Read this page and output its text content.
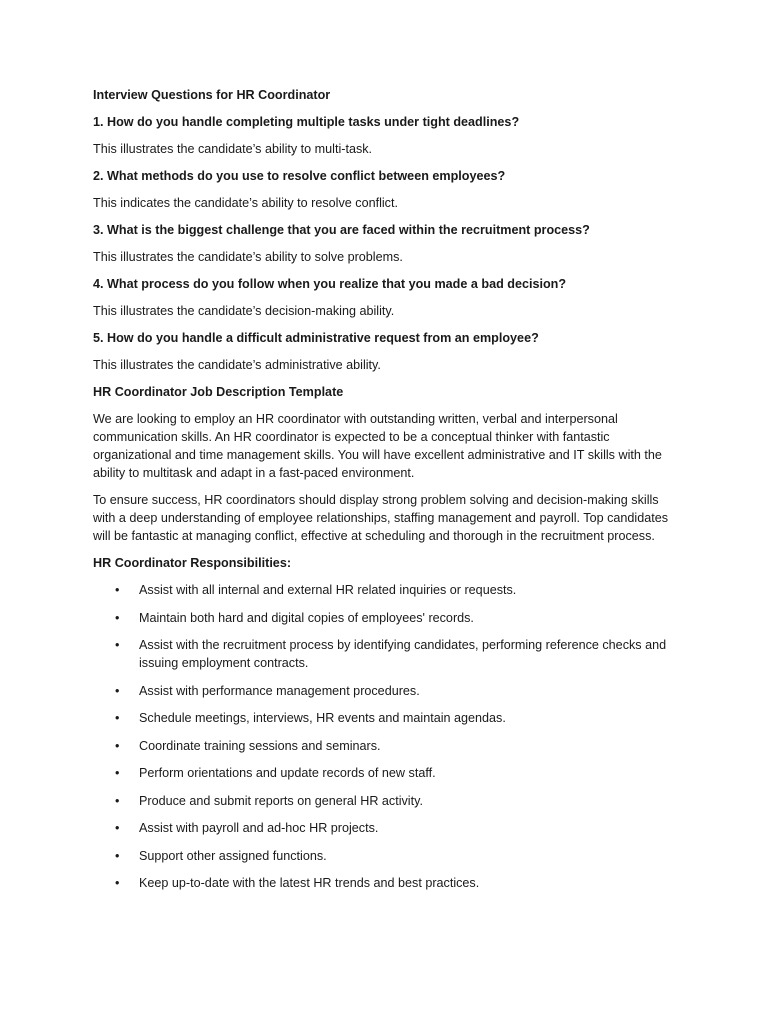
Interview Questions for HR Coordinator

1. How do you handle completing multiple tasks under tight deadlines?

This illustrates the candidate’s ability to multi-task.

2. What methods do you use to resolve conflict between employees?

This indicates the candidate’s ability to resolve conflict.

3. What is the biggest challenge that you are faced within the recruitment process?

This illustrates the candidate’s ability to solve problems.

4. What process do you follow when you realize that you made a bad decision?

This illustrates the candidate’s decision-making ability.

5. How do you handle a difficult administrative request from an employee?

This illustrates the candidate’s administrative ability.

HR Coordinator Job Description Template

We are looking to employ an HR coordinator with outstanding written, verbal and interpersonal communication skills. An HR coordinator is expected to be a conceptual thinker with fantastic organizational and time management skills. You will have excellent administrative and IT skills with the ability to multitask and adapt in a fast-paced environment.

To ensure success, HR coordinators should display strong problem solving and decision-making skills with a deep understanding of employee relationships, staffing management and payroll. Top candidates will be fantastic at managing conflict, effective at scheduling and thorough in the recruitment process.

HR Coordinator Responsibilities:

• Assist with all internal and external HR related inquiries or requests.
• Maintain both hard and digital copies of employees' records.
• Assist with the recruitment process by identifying candidates, performing reference checks and issuing employment contracts.
• Assist with performance management procedures.
• Schedule meetings, interviews, HR events and maintain agendas.
• Coordinate training sessions and seminars.
• Perform orientations and update records of new staff.
• Produce and submit reports on general HR activity.
• Assist with payroll and ad-hoc HR projects.
• Support other assigned functions.
• Keep up-to-date with the latest HR trends and best practices.
